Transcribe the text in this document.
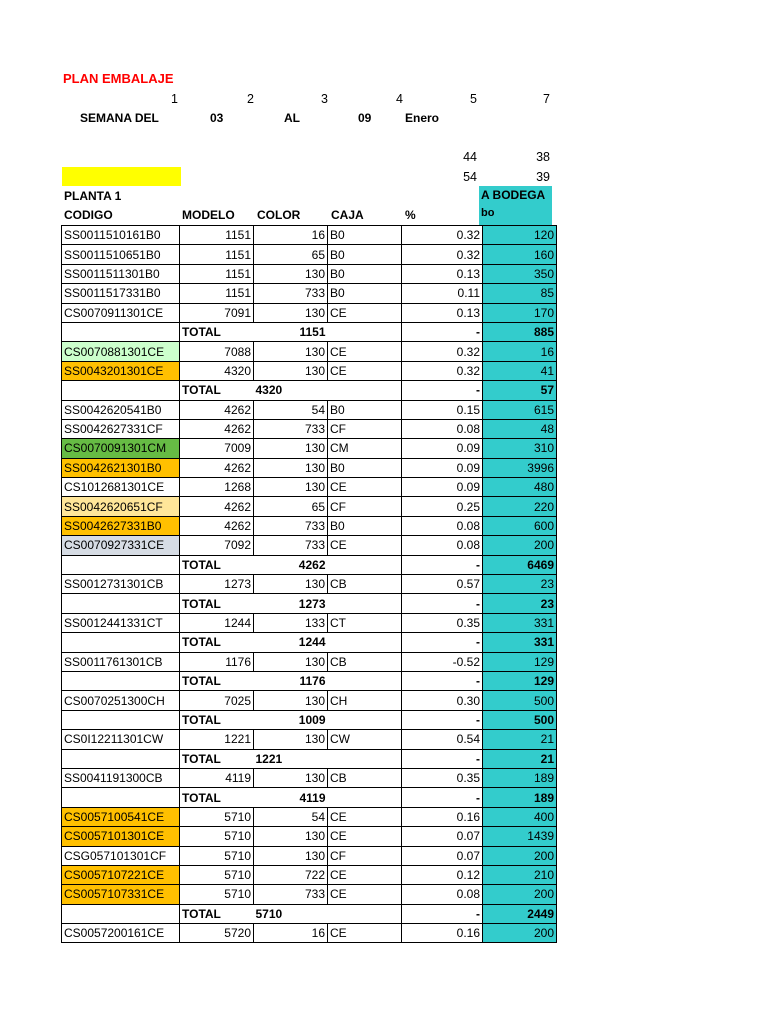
PLAN EMBALAJE
1	2	3	4	5	7
SEMANA DEL	03	AL	09	Enero
44	38
54	39
PLANTA 1
CODIGO	MODELO COLOR	CAJA	%
A BODEGA
bo
SS0011510161B0	1151	16	B0	0.32	120
SS0011510651B0	1151	65	B0	0.32	160
SS0011511301B0	1151	130	B0	0.13	350
SS0011517331B0	1151	733	B0	0.11	85
CS0070911301CE	7091	130	CE	0.13	170
	TOTAL	1151		-	885
CS0070881301CE	7088	130	CE	0.32	16
SS0043201301CE	4320	130	CE	0.32	41
	TOTAL	4320		-	57
SS0042620541B0	4262	54	B0	0.15	615
SS0042627331CF	4262	733	CF	0.08	48
CS0070091301CM	7009	130	CM	0.09	310
SS0042621301B0	4262	130	B0	0.09	3996
CS1012681301CE	1268	130	CE	0.09	480
SS0042620651CF	4262	65	CF	0.25	220
SS0042627331B0	4262	733	B0	0.08	600
CS0070927331CE	7092	733	CE	0.08	200
	TOTAL	4262		-	6469
SS0012731301CB	1273	130	CB	0.57	23
	TOTAL	1273		-	23
SS0012441331CT	1244	133	CT	0.35	331
	TOTAL	1244		-	331
SS0011761301CB	1176	130	CB	-0.52	129
	TOTAL	1176		-	129
CS0070251300CH	7025	130	CH	0.30	500
	TOTAL	1009		-	500
CS0I12211301CW	1221	130	CW	0.54	21
	TOTAL	1221		-	21
SS0041191300CB	4119	130	CB	0.35	189
	TOTAL	4119		-	189
CS0057100541CE	5710	54	CE	0.16	400
CS0057101301CE	5710	130	CE	0.07	1439
CSG057101301CF	5710	130	CF	0.07	200
CS0057107221CE	5710	722	CE	0.12	210
CS0057107331CE	5710	733	CE	0.08	200
	TOTAL	5710		-	2449
CS0057200161CE	5720	16	CE	0.16	200
